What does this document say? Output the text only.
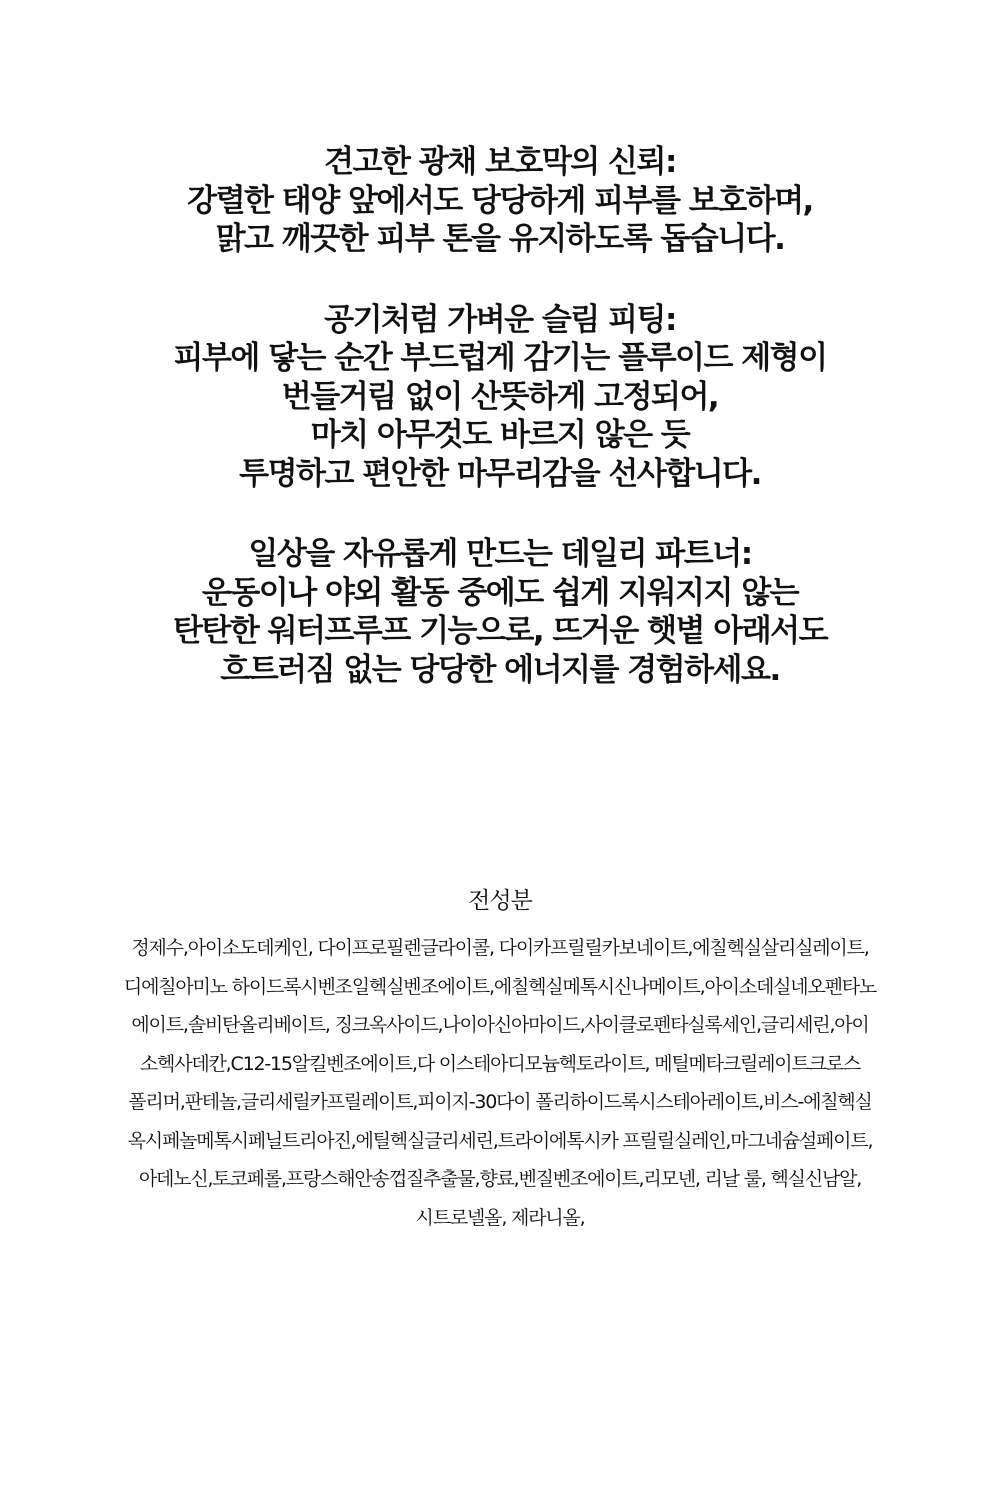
견고한 광채 보호막의 신뢰:
강렬한 태양 앞에서도 당당하게 피부를 보호하며,
맑고 깨끗한 피부 톤을 유지하도록 돕습니다.
공기처럼 가벼운 슬림 피팅:
피부에 닿는 순간 부드럽게 감기는 플루이드 제형이
번들거림 없이 산뜻하게 고정되어,
마치 아무것도 바르지 않은 듯
투명하고 편안한 마무리감을 선사합니다.
일상을 자유롭게 만드는 데일리 파트너:
운동이나 야외 활동 중에도 쉽게 지워지지 않는
탄탄한 워터프루프 기능으로, 뜨거운 햇볕 아래서도
흐트러짐 없는 당당한 에너지를 경험하세요.
전성분
정제수,아이소도데케인, 다이프로필렌글라이콜, 다이카프릴릴카보네이트,에칠헥실살리실레이트,
디에칠아미노 하이드록시벤조일헥실벤조에이트,에칠헥실메톡시신나메이트,아이소데실네오펜타노
에이트,솔비탄올리베이트, 징크옥사이드,나이아신아마이드,사이클로펜타실록세인,글리세린,아이
소헥사데칸,C12-15알킬벤조에이트,다 이스테아디모늄헥토라이트, 메틸메타크릴레이트크로스
폴리머,판테놀,글리세릴카프릴레이트,피이지-30다이 폴리하이드록시스테아레이트,비스-에칠헥실
옥시페놀메톡시페닐트리아진,에틸헥실글리세린,트라이에톡시카 프릴릴실레인,마그네슘설페이트,
아데노신,토코페롤,프랑스해안송껍질추출물,향료,벤질벤조에이트,리모넨, 리날 룰, 헥실신남알,
시트로넬올, 제라니올,
